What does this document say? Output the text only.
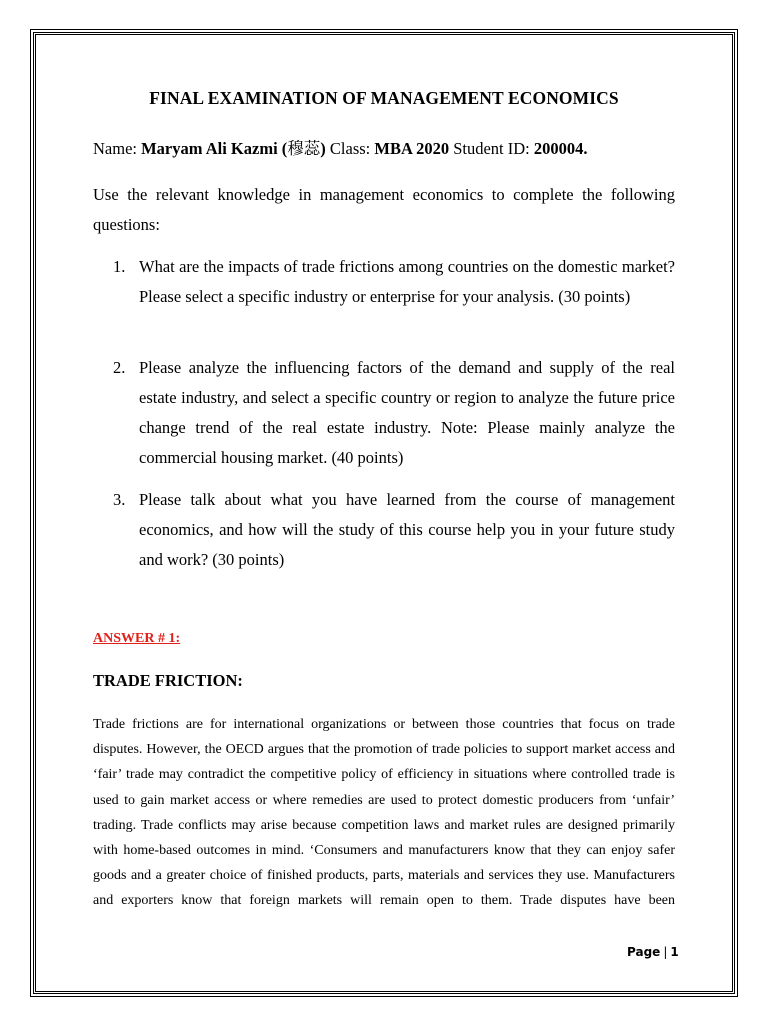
FINAL EXAMINATION OF MANAGEMENT ECONOMICS
Name: Maryam Ali Kazmi (穆蕊) Class: MBA 2020 Student ID: 200004.
Use the relevant knowledge in management economics to complete the following questions:
1. What are the impacts of trade frictions among countries on the domestic market? Please select a specific industry or enterprise for your analysis. (30 points)
2. Please analyze the influencing factors of the demand and supply of the real estate industry, and select a specific country or region to analyze the future price change trend of the real estate industry. Note: Please mainly analyze the commercial housing market. (40 points)
3. Please talk about what you have learned from the course of management economics, and how will the study of this course help you in your future study and work? (30 points)
ANSWER # 1:
TRADE FRICTION:
Trade frictions are for international organizations or between those countries that focus on trade disputes. However, the OECD argues that the promotion of trade policies to support market access and ‘fair’ trade may contradict the competitive policy of efficiency in situations where controlled trade is used to gain market access or where remedies are used to protect domestic producers from ‘unfair’ trading. Trade conflicts may arise because competition laws and market rules are designed primarily with home-based outcomes in mind. ‘Consumers and manufacturers know that they can enjoy safer goods and a greater choice of finished products, parts, materials and services they use. Manufacturers and exporters know that foreign markets will remain open to them. Trade disputes have been
Page | 1
